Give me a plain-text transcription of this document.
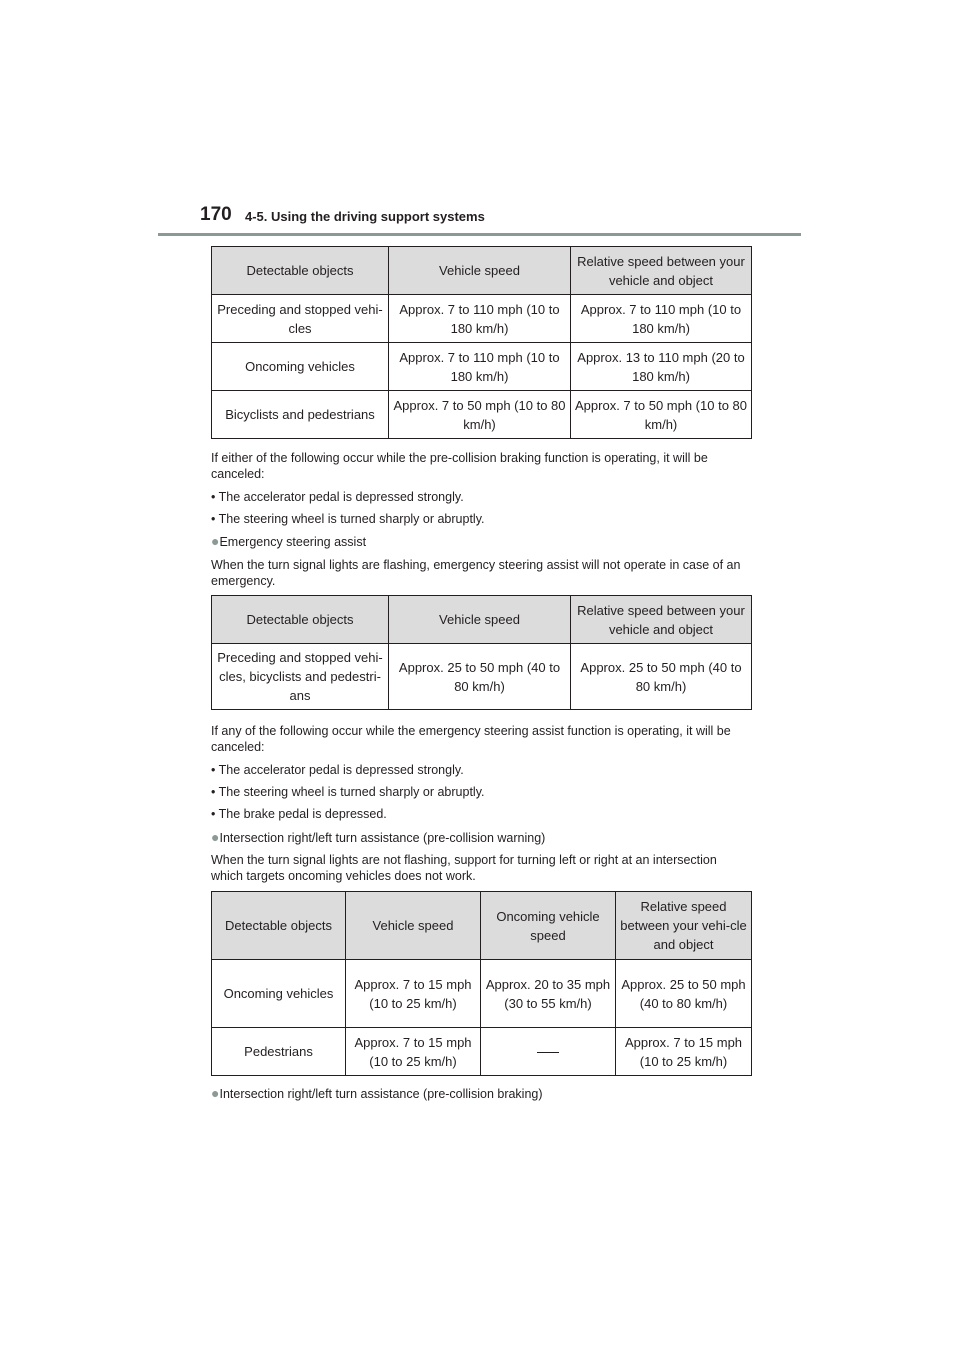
170 4-5. Using the driving support systems
Detectable objects	Vehicle speed	Relative speed between your vehicle and object
Preceding and stopped vehi-cles	Approx. 7 to 110 mph (10 to 180 km/h)	Approx. 7 to 110 mph (10 to 180 km/h)
Oncoming vehicles	Approx. 7 to 110 mph (10 to 180 km/h)	Approx. 13 to 110 mph (20 to 180 km/h)
Bicyclists and pedestrians	Approx. 7 to 50 mph (10 to 80 km/h)	Approx. 7 to 50 mph (10 to 80 km/h)
If either of the following occur while the pre-collision braking function is operating, it will be canceled:
• The accelerator pedal is depressed strongly.
• The steering wheel is turned sharply or abruptly.
●Emergency steering assist
When the turn signal lights are flashing, emergency steering assist will not operate in case of an emergency.
Detectable objects	Vehicle speed	Relative speed between your vehicle and object
Preceding and stopped vehi-cles, bicyclists and pedestri-ans	Approx. 25 to 50 mph (40 to 80 km/h)	Approx. 25 to 50 mph (40 to 80 km/h)
If any of the following occur while the emergency steering assist function is operating, it will be canceled:
• The accelerator pedal is depressed strongly.
• The steering wheel is turned sharply or abruptly.
• The brake pedal is depressed.
●Intersection right/left turn assistance (pre-collision warning)
When the turn signal lights are not flashing, support for turning left or right at an intersection which targets oncoming vehicles does not work.
Detectable objects	Vehicle speed	Oncoming vehicle speed	Relative speed between your vehi-cle and object
Oncoming vehicles	Approx. 7 to 15 mph (10 to 25 km/h)	Approx. 20 to 35 mph (30 to 55 km/h)	Approx. 25 to 50 mph (40 to 80 km/h)
Pedestrians	Approx. 7 to 15 mph (10 to 25 km/h)		Approx. 7 to 15 mph (10 to 25 km/h)
●Intersection right/left turn assistance (pre-collision braking)
